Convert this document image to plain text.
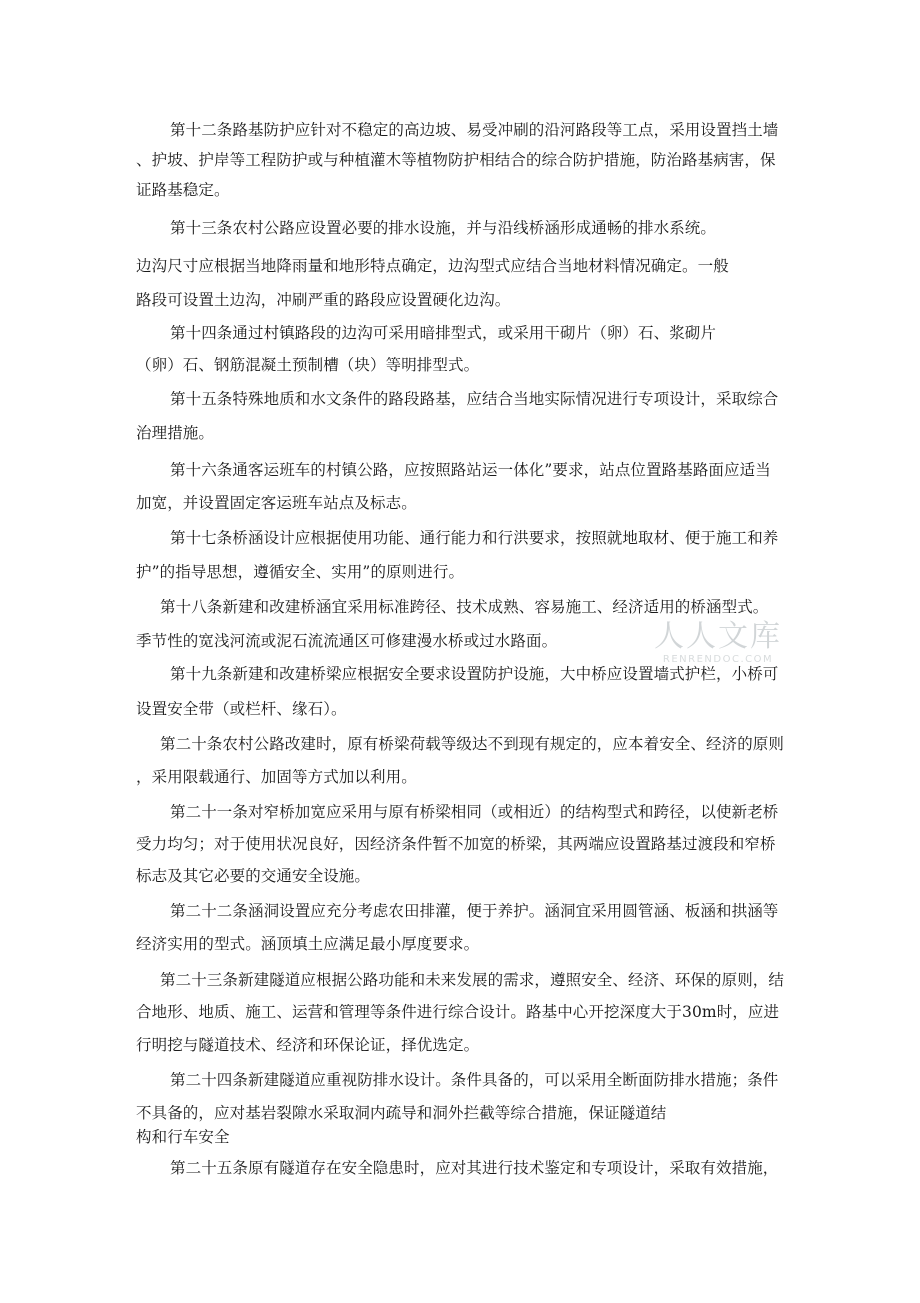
第十二条路基防护应针对不稳定的高边坡、易受冲刷的沿河路段等工点，采用设置挡土墙
、护坡、护岸等工程防护或与种植灌木等植物防护相结合的综合防护措施，防治路基病害，保
证路基稳定。
第十三条农村公路应设置必要的排水设施，并与沿线桥涵形成通畅的排水系统。
边沟尺寸应根据当地降雨量和地形特点确定，边沟型式应结合当地材料情况确定。一般
路段可设置土边沟，冲刷严重的路段应设置硬化边沟。
第十四条通过村镇路段的边沟可采用暗排型式，或采用干砌片（卵）石、浆砌片
（卵）石、钢筋混凝土预制槽（块）等明排型式。
第十五条特殊地质和水文条件的路段路基，应结合当地实际情况进行专项设计，采取综合
治理措施。
第十六条通客运班车的村镇公路，应按照路站运一体化”要求，站点位置路基路面应适当
加宽，并设置固定客运班车站点及标志。
第十七条桥涵设计应根据使用功能、通行能力和行洪要求，按照就地取材、便于施工和养
护”的指导思想，遵循安全、实用”的原则进行。
第十八条新建和改建桥涵宜采用标准跨径、技术成熟、容易施工、经济适用的桥涵型式。
季节性的宽浅河流或泥石流流通区可修建漫水桥或过水路面。
第十九条新建和改建桥梁应根据安全要求设置防护设施，大中桥应设置墙式护栏，小桥可
设置安全带（或栏杆、缘石）。
第二十条农村公路改建时，原有桥梁荷载等级达不到现有规定的，应本着安全、经济的原则
，采用限载通行、加固等方式加以利用。
第二十一条对窄桥加宽应采用与原有桥梁相同（或相近）的结构型式和跨径，以使新老桥
受力均匀；对于使用状况良好，因经济条件暂不加宽的桥梁，其两端应设置路基过渡段和窄桥
标志及其它必要的交通安全设施。
第二十二条涵洞设置应充分考虑农田排灌，便于养护。涵洞宜采用圆管涵、板涵和拱涵等
经济实用的型式。涵顶填土应满足最小厚度要求。
第二十三条新建隧道应根据公路功能和未来发展的需求，遵照安全、经济、环保的原则，结
合地形、地质、施工、运营和管理等条件进行综合设计。路基中心开挖深度大于30m时，应进
行明挖与隧道技术、经济和环保论证，择优选定。
第二十四条新建隧道应重视防排水设计。条件具备的，可以采用全断面防排水措施；条件
不具备的，应对基岩裂隙水采取洞内疏导和洞外拦截等综合措施，保证隧道结
构和行车安全
第二十五条原有隧道存在安全隐患时，应对其进行技术鉴定和专项设计，采取有效措施，
人人文库
RENRENDOC.COM
